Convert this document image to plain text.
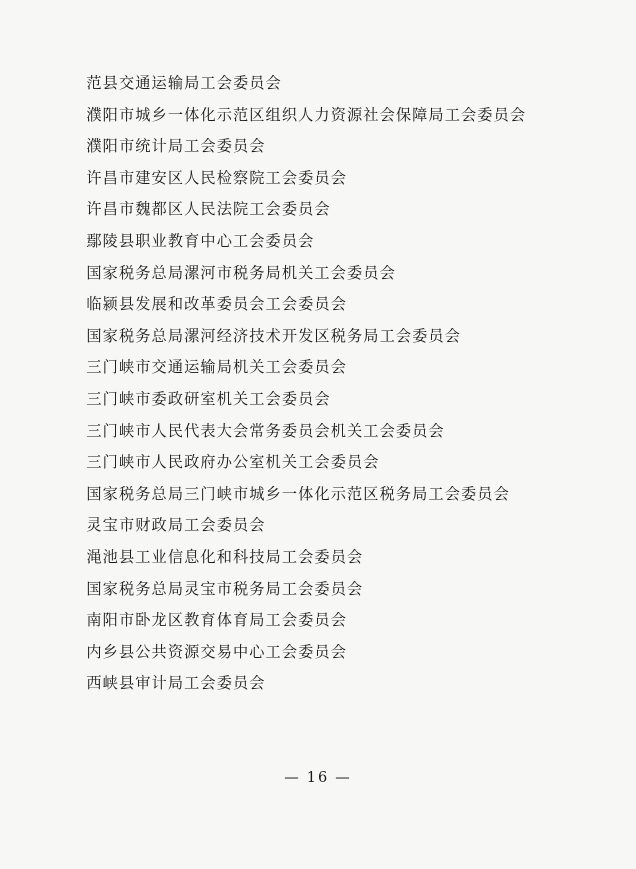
范县交通运输局工会委员会

濮阳市城乡一体化示范区组织人力资源社会保障局工会委员会

濮阳市统计局工会委员会

许昌市建安区人民检察院工会委员会

许昌市魏都区人民法院工会委员会

鄢陵县职业教育中心工会委员会

国家税务总局漯河市税务局机关工会委员会

临颍县发展和改革委员会工会委员会

国家税务总局漯河经济技术开发区税务局工会委员会

三门峡市交通运输局机关工会委员会

三门峡市委政研室机关工会委员会

三门峡市人民代表大会常务委员会机关工会委员会

三门峡市人民政府办公室机关工会委员会

国家税务总局三门峡市城乡一体化示范区税务局工会委员会

灵宝市财政局工会委员会

渑池县工业信息化和科技局工会委员会

国家税务总局灵宝市税务局工会委员会

南阳市卧龙区教育体育局工会委员会

内乡县公共资源交易中心工会委员会

西峡县审计局工会委员会

— 16 —
